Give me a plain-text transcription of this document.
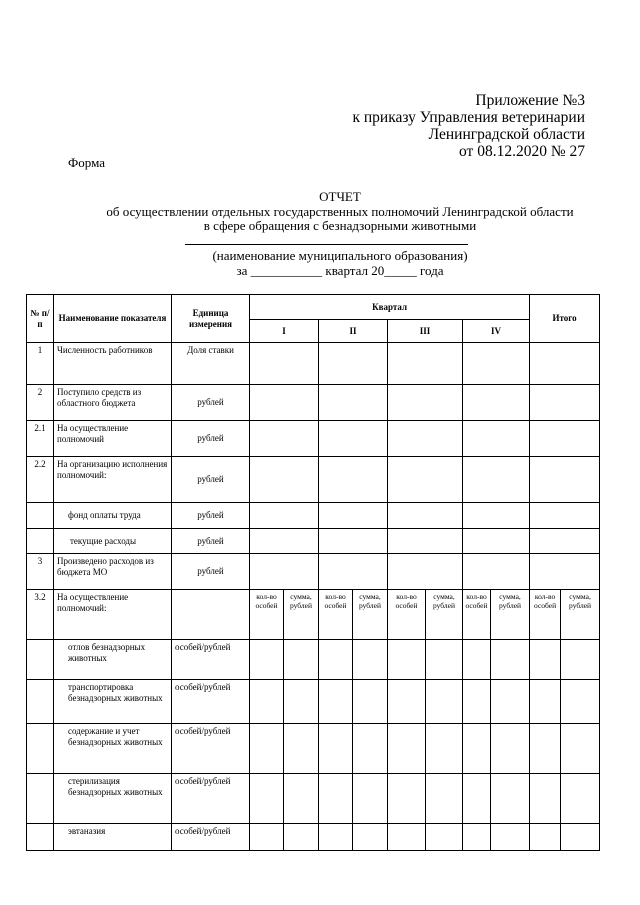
Приложение №3
к приказу Управления ветеринарии
Ленинградской области
от 08.12.2020 № 27
Форма
ОТЧЕТ
об осуществлении отдельных государственных полномочий Ленинградской области
в сфере обращения с безнадзорными животными
(наименование муниципального образования)
за ___________ квартал 20_____ года
№ п/п	Наименование показателя	Единица измерения	Квартал								Итого	
			I		II		III		IV			
1	Численность работников	Доля ставки										
2	Поступило средств из областного бюджета	рублей										
2.1	На осуществление полномочий	рублей										
2.2	На организацию исполнения полномочий:	рублей										
	фонд оплаты труда	рублей										
	текущие расходы	рублей										
3	Произведено расходов из бюджета МО	рублей										
3.2	На осуществление полномочий:		кол-во особей	сумма, рублей	кол-во особей	сумма, рублей	кол-во особей	сумма, рублей	кол-во особей	сумма, рублей	кол-во особей	сумма, рублей
	отлов безнадзорных животных	особей/рублей										
	транспортировка безнадзорных животных	особей/рублей										
	содержание и учет безнадзорных животных	особей/рублей										
	стерилизация безнадзорных животных	особей/рублей										
	эвтаназия	особей/рублей										
